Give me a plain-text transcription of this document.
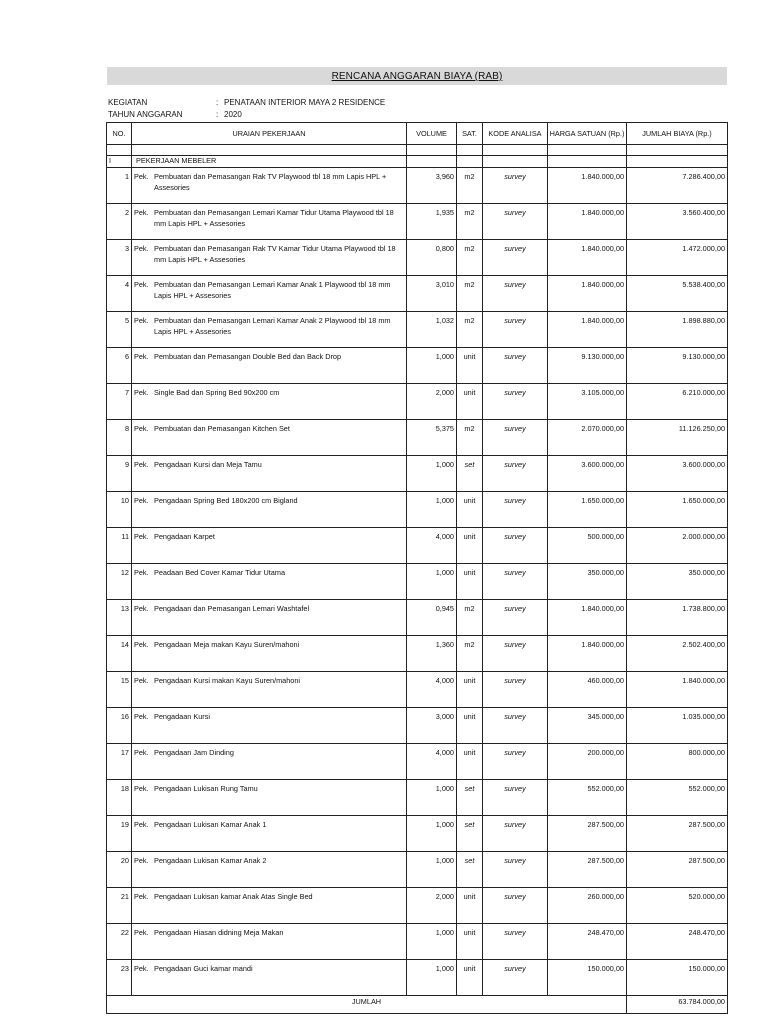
RENCANA ANGGARAN BIAYA (RAB)
KEGIATAN	: PENATAAN INTERIOR MAYA 2 RESIDENCE
TAHUN ANGGARAN	: 2020
NO.	URAIAN PEKERJAAN	VOLUME	SAT.	KODE ANALISA	HARGA SATUAN (Rp.)	JUMLAH BIAYA (Rp.)

I	PEKERJAAN MEBELER					
1	Pek. Pembuatan dan Pemasangan Rak TV Playwood tbl 18 mm Lapis HPL + Assesories	3,960	m2	survey	1.840.000,00	7.286.400,00
2	Pek. Pembuatan dan Pemasangan Lemari Kamar Tidur Utama Playwood tbl 18 mm Lapis HPL + Assesories	1,935	m2	survey	1.840.000,00	3.560.400,00
3	Pek. Pembuatan dan Pemasangan Rak TV Kamar Tidur Utama Playwood tbl 18 mm Lapis HPL + Assesories	0,800	m2	survey	1.840.000,00	1.472.000,00
4	Pek. Pembuatan dan Pemasangan Lemari Kamar Anak 1 Playwood tbl 18 mm Lapis HPL + Assesories	3,010	m2	survey	1.840.000,00	5.538.400,00
5	Pek. Pembuatan dan Pemasangan Lemari Kamar Anak 2 Playwood tbl 18 mm Lapis HPL + Assesories	1,032	m2	survey	1.840.000,00	1.898.880,00
6	Pek. Pembuatan dan Pemasangan Double Bed dan Back Drop	1,000	unit	survey	9.130.000,00	9.130.000,00
7	Pek. Single Bad dan Spring Bed 90x200 cm	2,000	unit	survey	3.105.000,00	6.210.000,00
8	Pek. Pembuatan dan Pemasangan Kitchen Set	5,375	m2	survey	2.070.000,00	11.126.250,00
9	Pek. Pengadaan Kursi dan Meja Tamu	1,000	set	survey	3.600.000,00	3.600.000,00
10	Pek. Pengadaan Spring Bed 180x200 cm Bigland	1,000	unit	survey	1.650.000,00	1.650.000,00
11	Pek. Pengadaan Karpet	4,000	unit	survey	500.000,00	2.000.000,00
12	Pek. Peadaan Bed Cover Kamar Tidur Utama	1,000	unit	survey	350.000,00	350.000,00
13	Pek. Pengadaan dan Pemasangan Lemari Washtafel	0,945	m2	survey	1.840.000,00	1.738.800,00
14	Pek. Pengadaan Meja makan Kayu Suren/mahoni	1,360	m2	survey	1.840.000,00	2.502.400,00
15	Pek. Pengadaan Kursi makan Kayu Suren/mahoni	4,000	unit	survey	460.000,00	1.840.000,00
16	Pek. Pengadaan Kursi	3,000	unit	survey	345.000,00	1.035.000,00
17	Pek. Pengadaan Jam Dinding	4,000	unit	survey	200.000,00	800.000,00
18	Pek. Pengadaan Lukisan Rung Tamu	1,000	set	survey	552.000,00	552.000,00
19	Pek. Pengadaan Lukisan Kamar Anak 1	1,000	set	survey	287.500,00	287.500,00
20	Pek. Pengadaan Lukisan Kamar Anak 2	1,000	set	survey	287.500,00	287.500,00
21	Pek. Pengadaan Lukisan kamar Anak Atas Single Bed	2,000	unit	survey	260.000,00	520.000,00
22	Pek. Pengadaan Hiasan didning Meja Makan	1,000	unit	survey	248.470,00	248.470,00
23	Pek. Pengadaan Guci kamar mandi	1,000	unit	survey	150.000,00	150.000,00
JUMLAH						63.784.000,00
